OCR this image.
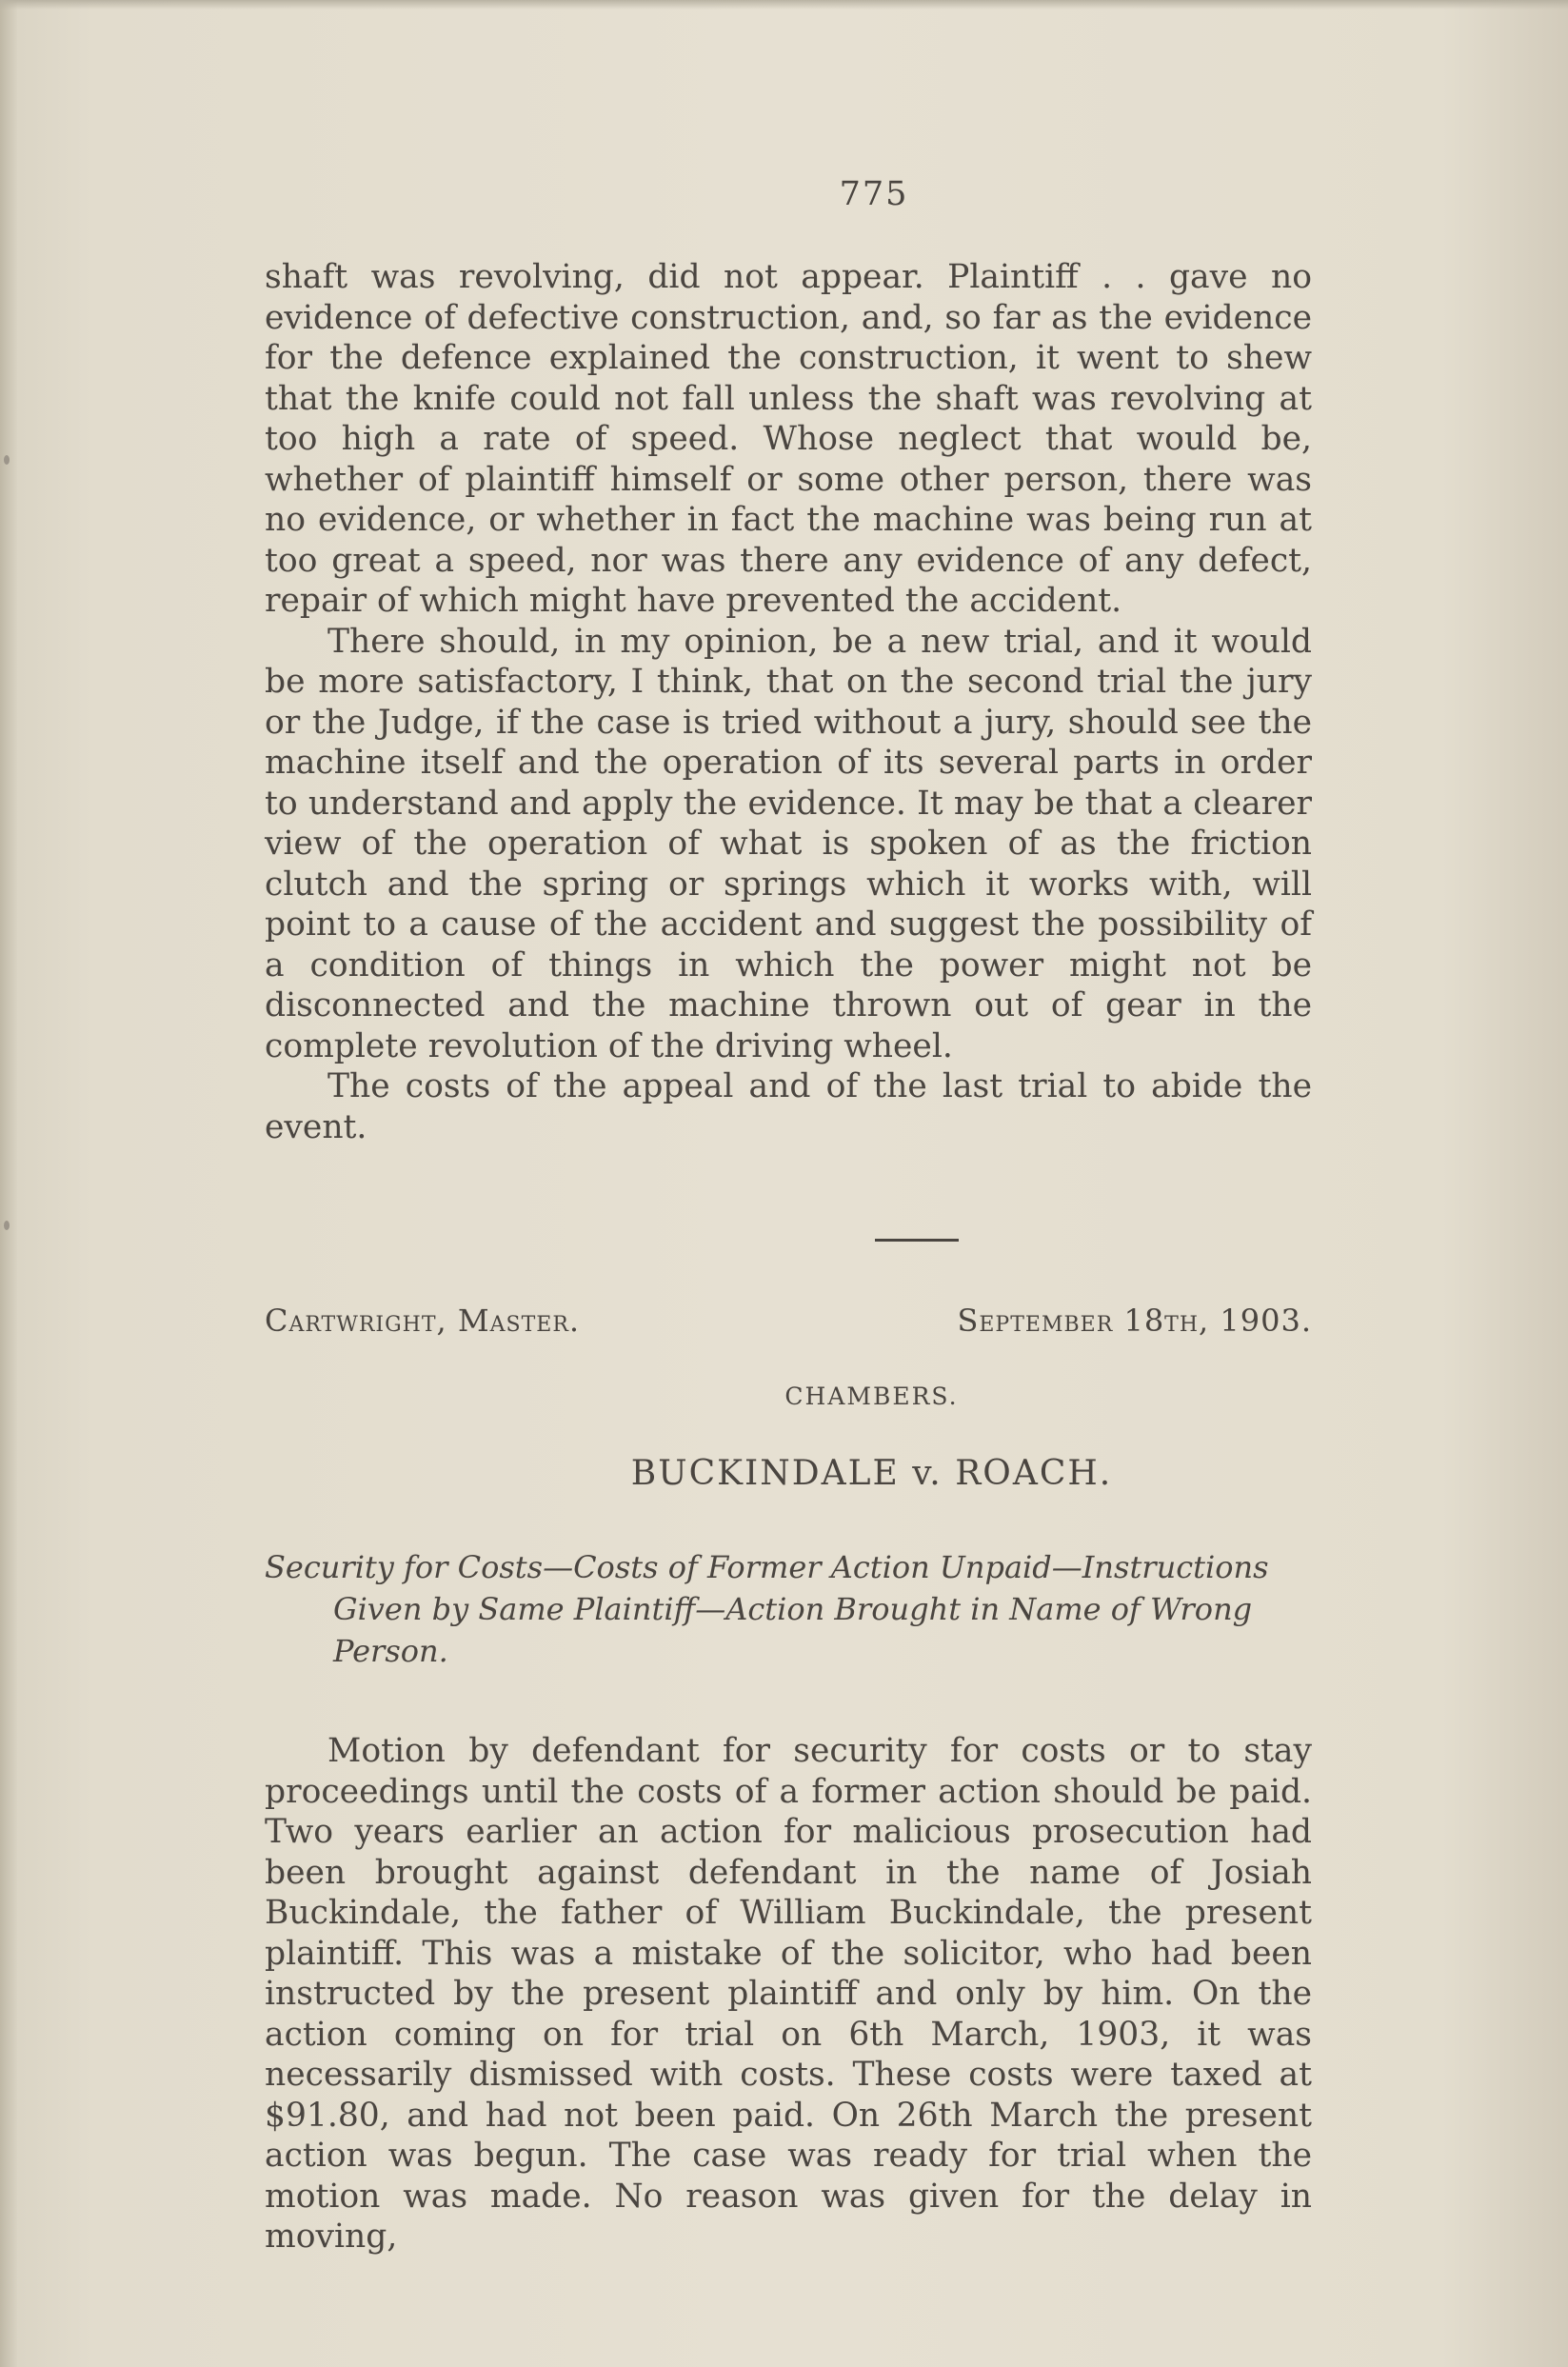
775

shaft was revolving, did not appear. Plaintiff . . gave no evidence of defective construction, and, so far as the evidence for the defence explained the construction, it went to shew that the knife could not fall unless the shaft was revolving at too high a rate of speed. Whose neglect that would be, whether of plaintiff himself or some other person, there was no evidence, or whether in fact the machine was being run at too great a speed, nor was there any evidence of any defect, repair of which might have prevented the accident.

There should, in my opinion, be a new trial, and it would be more satisfactory, I think, that on the second trial the jury or the Judge, if the case is tried without a jury, should see the machine itself and the operation of its several parts in order to understand and apply the evidence. It may be that a clearer view of the operation of what is spoken of as the friction clutch and the spring or springs which it works with, will point to a cause of the accident and suggest the possibility of a condition of things in which the power might not be disconnected and the machine thrown out of gear in the complete revolution of the driving wheel.

The costs of the appeal and of the last trial to abide the event.

Cartwright, Master.	September 18th, 1903.
CHAMBERS.
BUCKINDALE v. ROACH.

Security for Costs—Costs of Former Action Unpaid—Instructions Given by Same Plaintiff—Action Brought in Name of Wrong Person.

Motion by defendant for security for costs or to stay proceedings until the costs of a former action should be paid. Two years earlier an action for malicious prosecution had been brought against defendant in the name of Josiah Buckindale, the father of William Buckindale, the present plaintiff. This was a mistake of the solicitor, who had been instructed by the present plaintiff and only by him. On the action coming on for trial on 6th March, 1903, it was necessarily dismissed with costs. These costs were taxed at $91.80, and had not been paid. On 26th March the present action was begun. The case was ready for trial when the motion was made. No reason was given for the delay in moving,
